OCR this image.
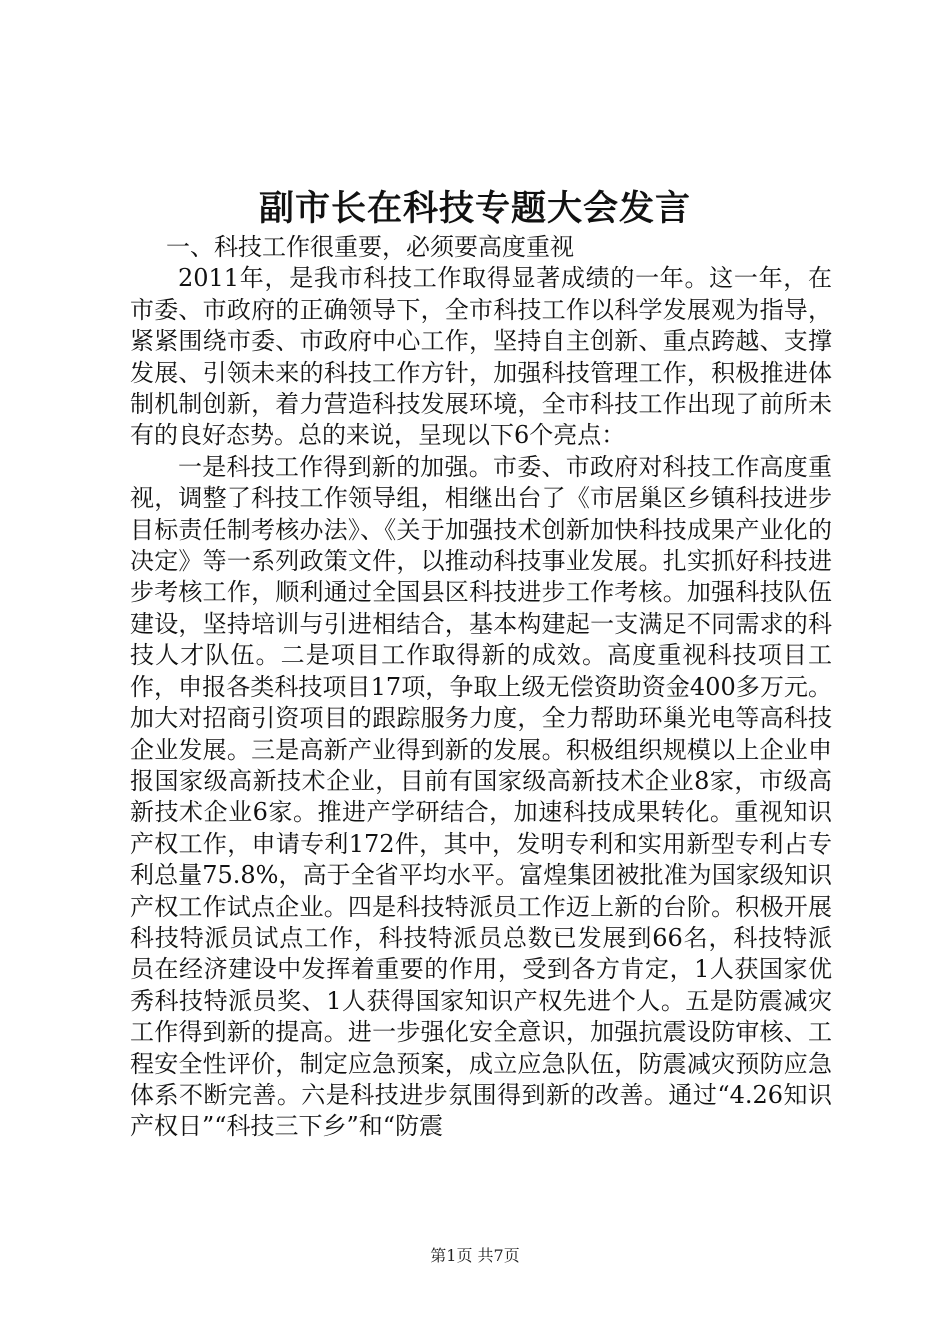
副市长在科技专题大会发言

一、科技工作很重要，必须要高度重视

2011年，是我市科技工作取得显著成绩的一年。这一年，在市委、市政府的正确领导下，全市科技工作以科学发展观为指导，紧紧围绕市委、市政府中心工作，坚持自主创新、重点跨越、支撑发展、引领未来的科技工作方针，加强科技管理工作，积极推进体制机制创新，着力营造科技发展环境，全市科技工作出现了前所未有的良好态势。总的来说，呈现以下6个亮点：

一是科技工作得到新的加强。市委、市政府对科技工作高度重视，调整了科技工作领导组，相继出台了《市居巢区乡镇科技进步目标责任制考核办法》、《关于加强技术创新加快科技成果产业化的决定》等一系列政策文件，以推动科技事业发展。扎实抓好科技进步考核工作，顺利通过全国县区科技进步工作考核。加强科技队伍建设，坚持培训与引进相结合，基本构建起一支满足不同需求的科技人才队伍。二是项目工作取得新的成效。高度重视科技项目工作，申报各类科技项目17项，争取上级无偿资助资金400多万元。加大对招商引资项目的跟踪服务力度，全力帮助环巢光电等高科技企业发展。三是高新产业得到新的发展。积极组织规模以上企业申报国家级高新技术企业，目前有国家级高新技术企业8家，市级高新技术企业6家。推进产学研结合，加速科技成果转化。重视知识产权工作，申请专利172件，其中，发明专利和实用新型专利占专利总量75.8%，高于全省平均水平。富煌集团被批准为国家级知识产权工作试点企业。四是科技特派员工作迈上新的台阶。积极开展科技特派员试点工作，科技特派员总数已发展到66名，科技特派员在经济建设中发挥着重要的作用，受到各方肯定，1人获国家优秀科技特派员奖、1人获得国家知识产权先进个人。五是防震减灾工作得到新的提高。进一步强化安全意识，加强抗震设防审核、工程安全性评价，制定应急预案，成立应急队伍，防震减灾预防应急体系不断完善。六是科技进步氛围得到新的改善。通过“4.26知识产权日”“科技三下乡”和“防震

第1页 共7页
